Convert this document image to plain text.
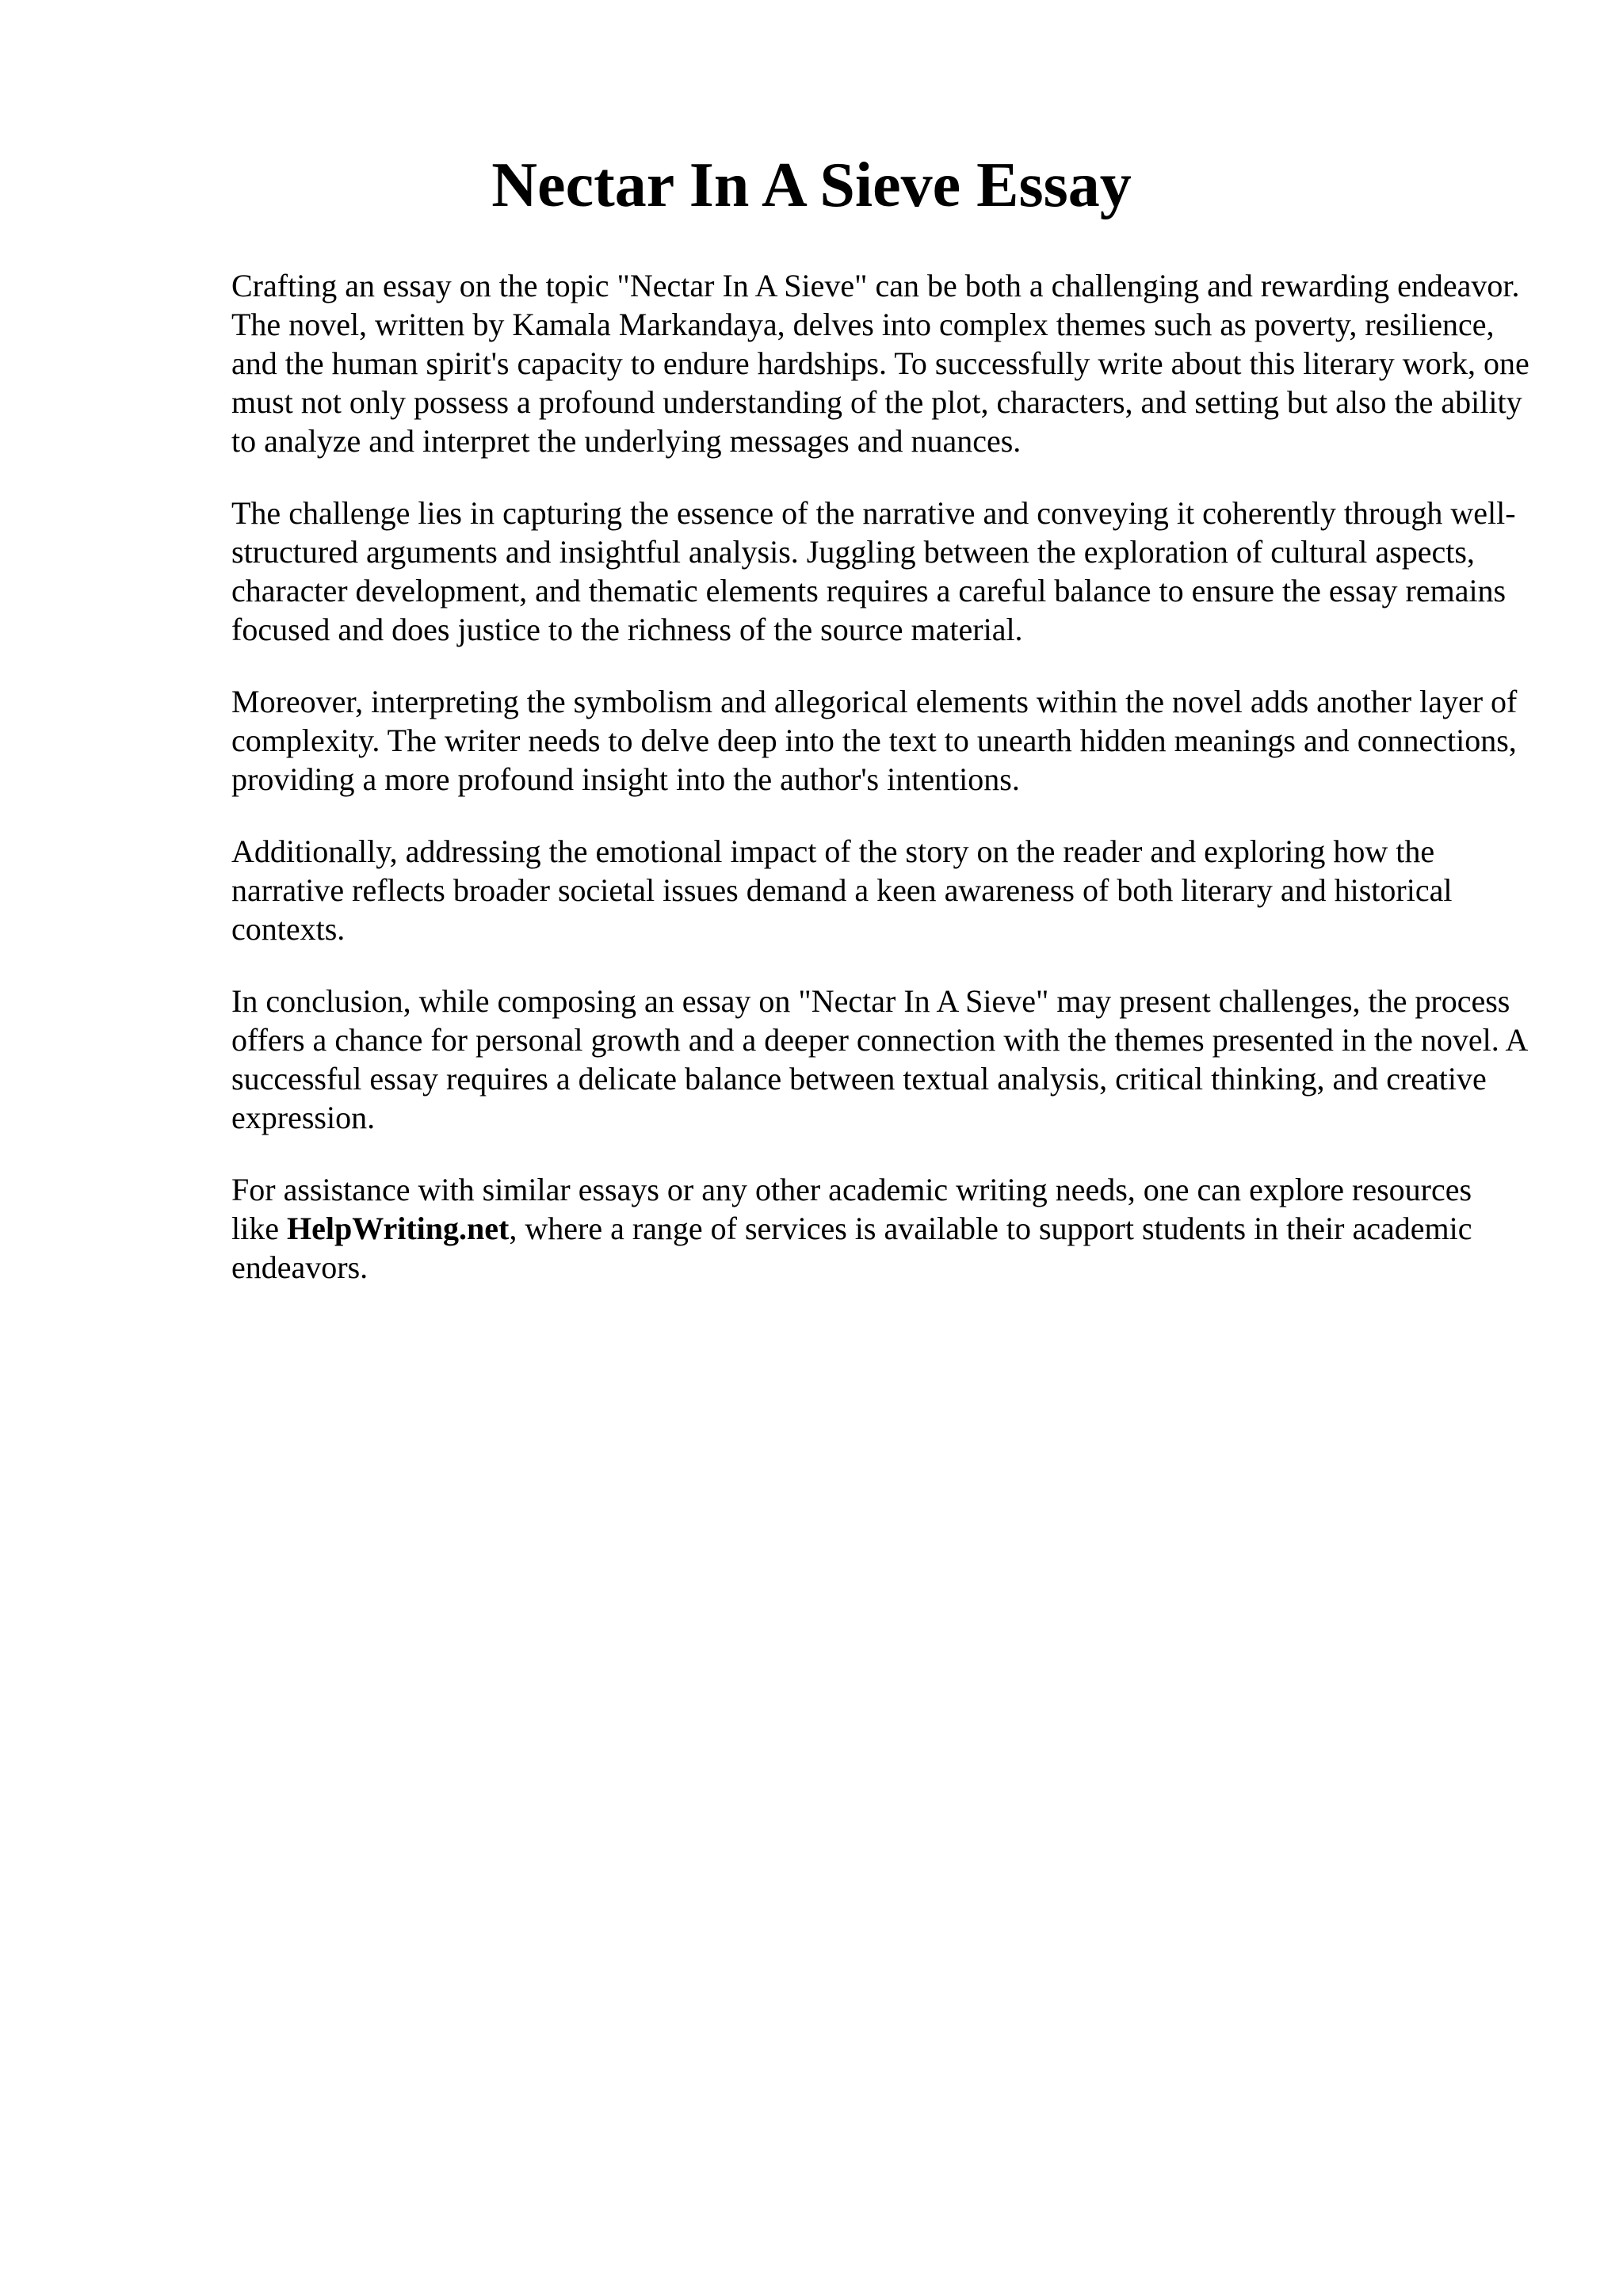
Nectar In A Sieve Essay

Crafting an essay on the topic "Nectar In A Sieve" can be both a challenging and rewarding endeavor. The novel, written by Kamala Markandaya, delves into complex themes such as poverty, resilience, and the human spirit's capacity to endure hardships. To successfully write about this literary work, one must not only possess a profound understanding of the plot, characters, and setting but also the ability to analyze and interpret the underlying messages and nuances.

The challenge lies in capturing the essence of the narrative and conveying it coherently through well-structured arguments and insightful analysis. Juggling between the exploration of cultural aspects, character development, and thematic elements requires a careful balance to ensure the essay remains focused and does justice to the richness of the source material.

Moreover, interpreting the symbolism and allegorical elements within the novel adds another layer of complexity. The writer needs to delve deep into the text to unearth hidden meanings and connections, providing a more profound insight into the author's intentions.

Additionally, addressing the emotional impact of the story on the reader and exploring how the narrative reflects broader societal issues demand a keen awareness of both literary and historical contexts.

In conclusion, while composing an essay on "Nectar In A Sieve" may present challenges, the process offers a chance for personal growth and a deeper connection with the themes presented in the novel. A successful essay requires a delicate balance between textual analysis, critical thinking, and creative expression.

For assistance with similar essays or any other academic writing needs, one can explore resources like HelpWriting.net, where a range of services is available to support students in their academic endeavors.
